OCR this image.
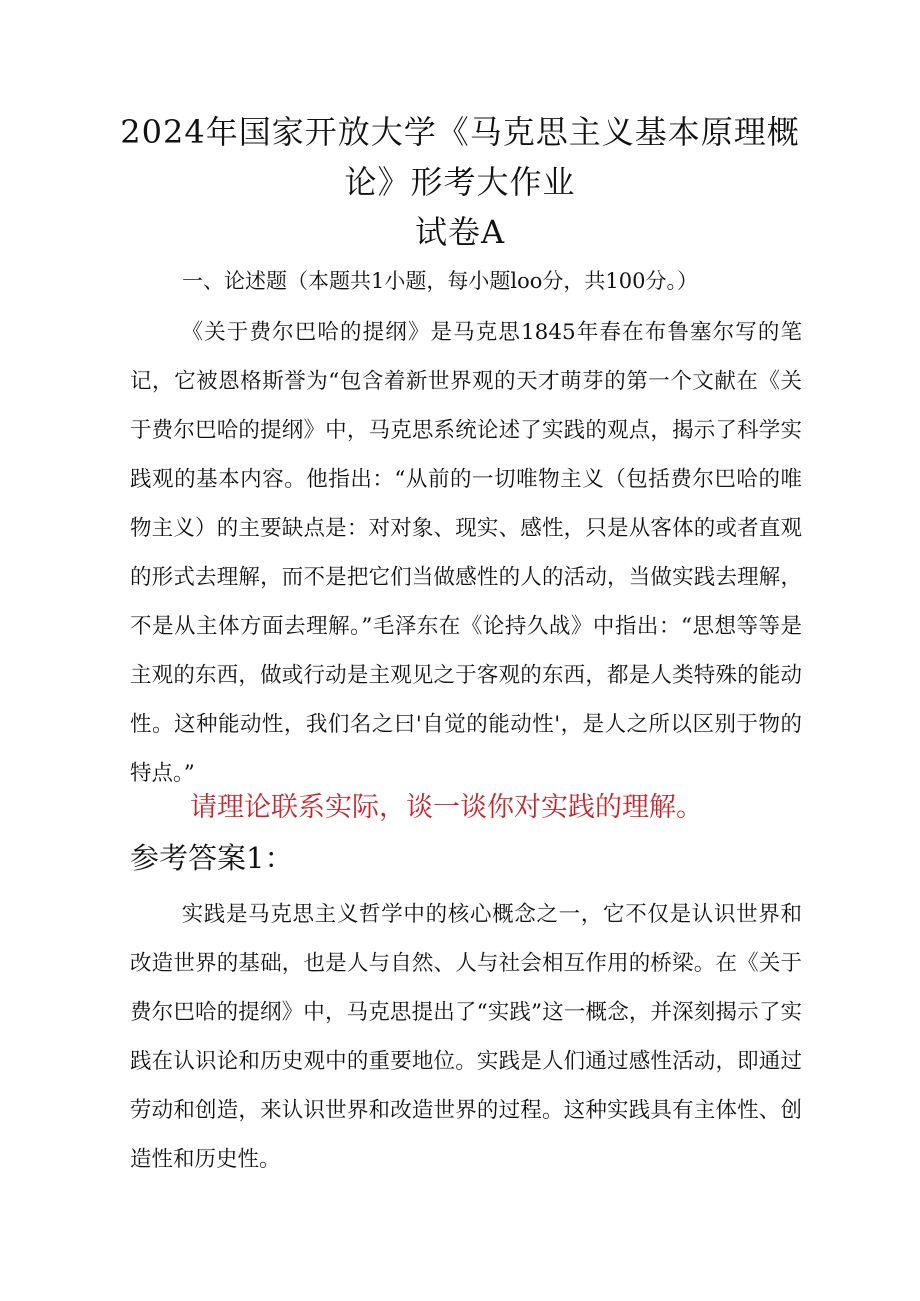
2024年国家开放大学《马克思主义基本原理概
论》形考大作业
试卷A
一、论述题（本题共1小题，每小题loo分，共100分。）

《关于费尔巴哈的提纲》是马克思1845年春在布鲁塞尔写的笔记，它被恩格斯誉为“包含着新世界观的天才萌芽的第一个文献在《关于费尔巴哈的提纲》中，马克思系统论述了实践的观点，揭示了科学实践观的基本内容。他指出：“从前的一切唯物主义（包括费尔巴哈的唯物主义）的主要缺点是：对对象、现实、感性，只是从客体的或者直观的形式去理解，而不是把它们当做感性的人的活动，当做实践去理解，不是从主体方面去理解。”毛泽东在《论持久战》中指出：“思想等等是主观的东西，做或行动是主观见之于客观的东西，都是人类特殊的能动性。这种能动性，我们名之曰'自觉的能动性'，是人之所以区别于物的特点。”

请理论联系实际，谈一谈你对实践的理解。
参考答案1：

实践是马克思主义哲学中的核心概念之一，它不仅是认识世界和改造世界的基础，也是人与自然、人与社会相互作用的桥梁。在《关于费尔巴哈的提纲》中，马克思提出了“实践”这一概念，并深刻揭示了实践在认识论和历史观中的重要地位。实践是人们通过感性活动，即通过劳动和创造，来认识世界和改造世界的过程。这种实践具有主体性、创造性和历史性。
